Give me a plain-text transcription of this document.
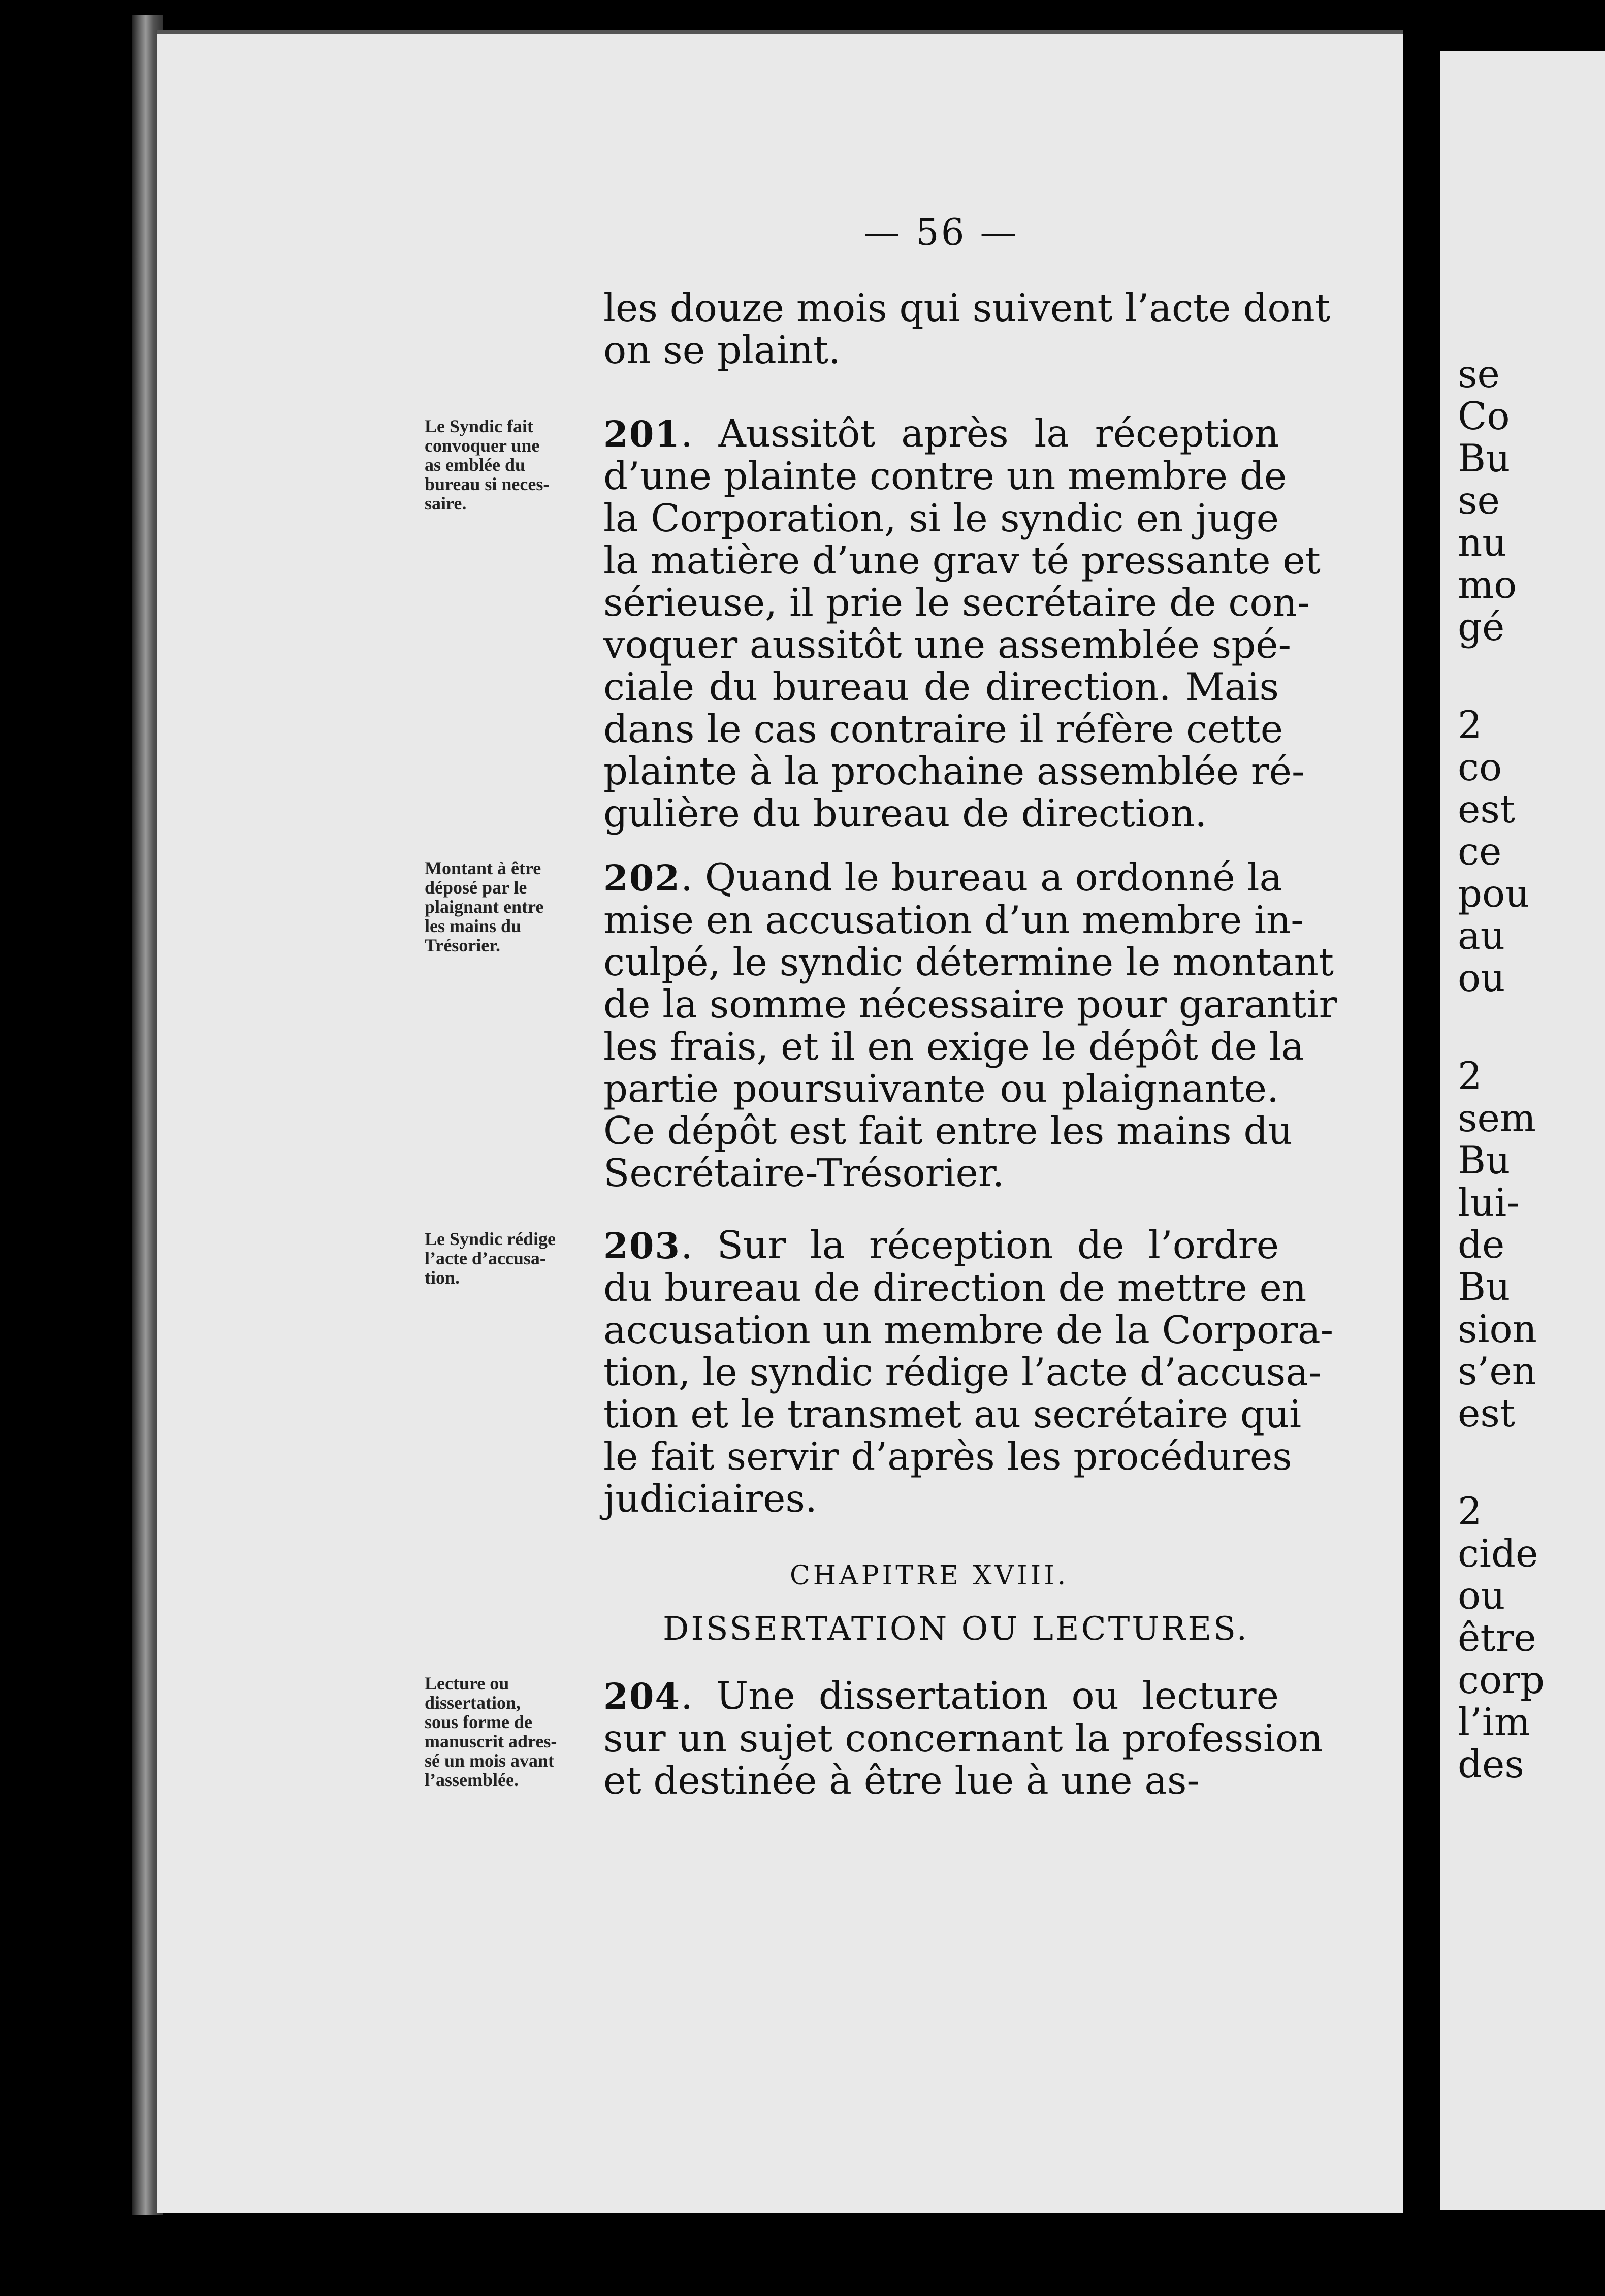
— 56 —
les douze mois qui suivent l’acte dont
on se plaint.
Le Syndic fait
convoquer une
as emblée du
bureau si neces-
saire.
201. Aussitôt après la réception
d’une plainte contre un membre de
la Corporation, si le syndic en juge
la matière d’une grav té pressante et
sérieuse, il prie le secrétaire de con-
voquer aussitôt une assemblée spé-
ciale du bureau de direction. Mais
dans le cas contraire il réfère cette
plainte à la prochaine assemblée ré-
gulière du bureau de direction.
Montant à être
déposé par le
plaignant entre
les mains du
Trésorier.
202. Quand le bureau a ordonné la
mise en accusation d’un membre in-
culpé, le syndic détermine le montant
de la somme nécessaire pour garantir
les frais, et il en exige le dépôt de la
partie poursuivante ou plaignante.
Ce dépôt est fait entre les mains du
Secrétaire-Trésorier.
Le Syndic rédige
l’acte d’accusa-
tion.
203. Sur la réception de l’ordre
du bureau de direction de mettre en
accusation un membre de la Corpora-
tion, le syndic rédige l’acte d’accusa-
tion et le transmet au secrétaire qui
le fait servir d’après les procédures
judiciaires.
CHAPITRE XVIII.
DISSERTATION OU LECTURES.
Lecture ou
dissertation,
sous forme de
manuscrit adres-
sé un mois avant
l’assemblée.
204. Une dissertation ou lecture
sur un sujet concernant la profession
et destinée à être lue à une as-
se
Co
Bu
se
nu
mo
gé
2
co
est
ce
pou
au
ou
2
sem
Bu
lui-
de
Bu
sion
s’en
est
2
cide
ou
être
corp
l’im
des
